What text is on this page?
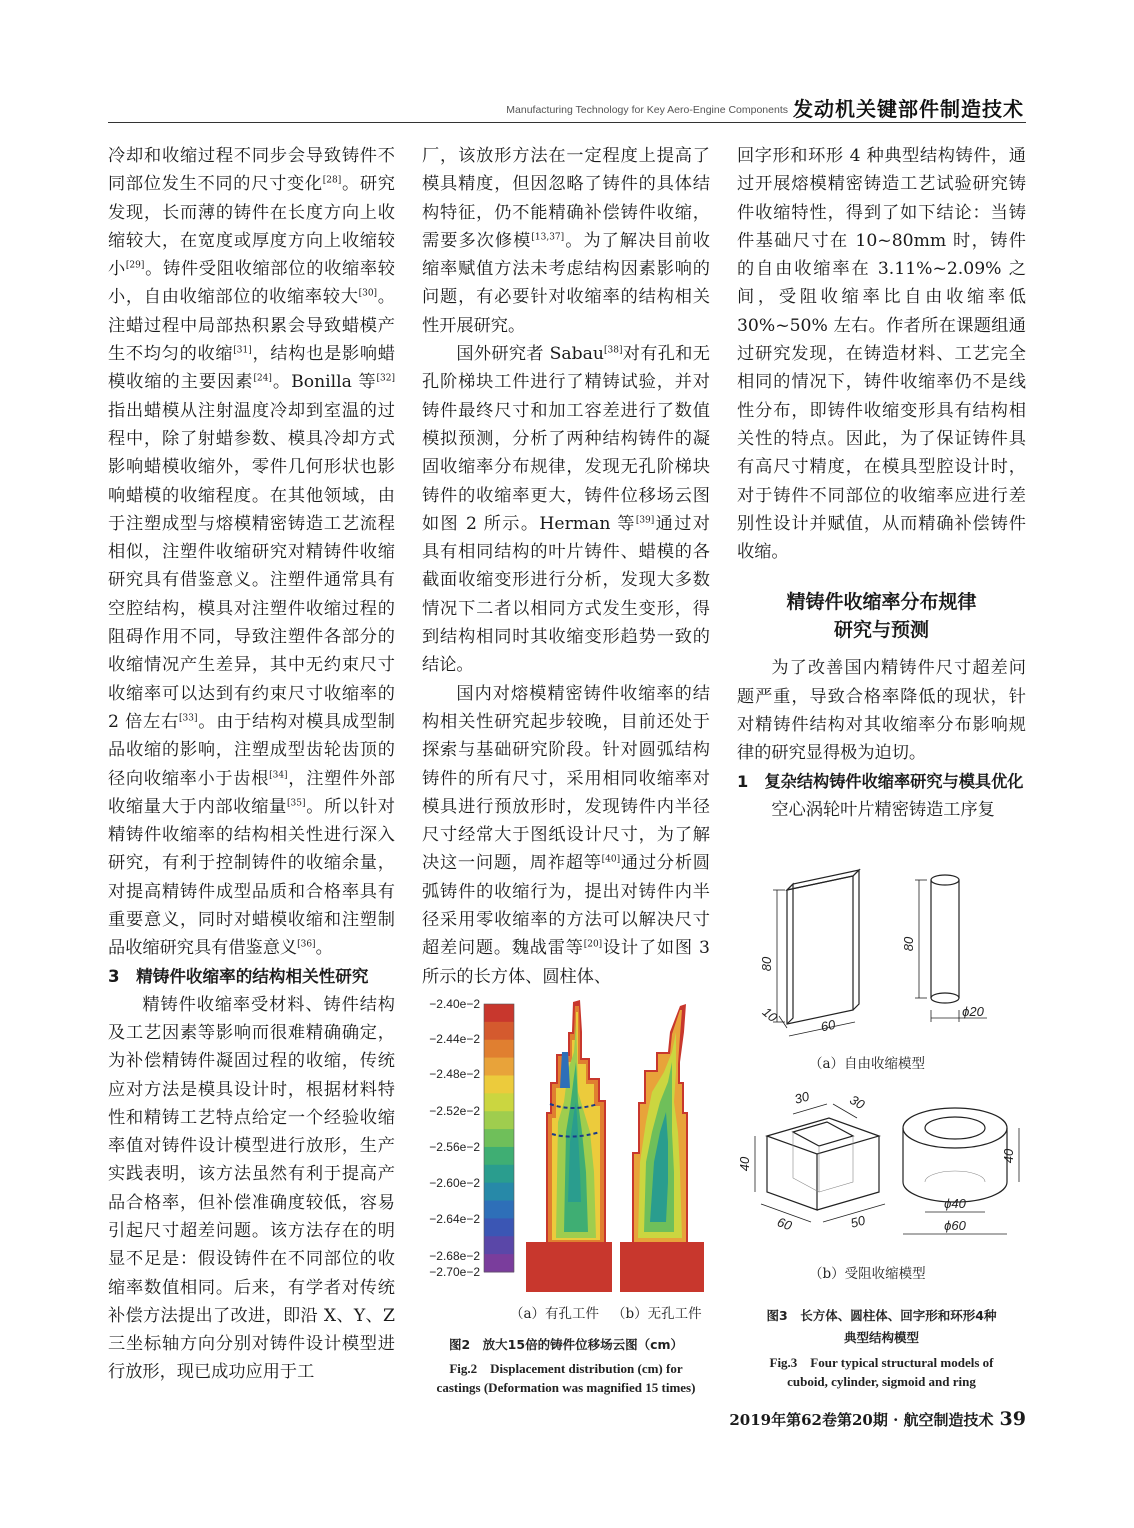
Manufacturing Technology for Key Aero-Engine Components 发动机关键部件制造技术

冷却和收缩过程不同步会导致铸件不同部位发生不同的尺寸变化[28]。研究发现，长而薄的铸件在长度方向上收缩较大，在宽度或厚度方向上收缩较小[29]。铸件受阻收缩部位的收缩率较小，自由收缩部位的收缩率较大[30]。注蜡过程中局部热积累会导致蜡模产生不均匀的收缩[31]，结构也是影响蜡模收缩的主要因素[24]。Bonilla 等[32]指出蜡模从注射温度冷却到室温的过程中，除了射蜡参数、模具冷却方式影响蜡模收缩外，零件几何形状也影响蜡模的收缩程度。在其他领域，由于注塑成型与熔模精密铸造工艺流程相似，注塑件收缩研究对精铸件收缩研究具有借鉴意义。注塑件通常具有空腔结构，模具对注塑件收缩过程的阻碍作用不同，导致注塑件各部分的收缩情况产生差异，其中无约束尺寸收缩率可以达到有约束尺寸收缩率的 2 倍左右[33]。由于结构对模具成型制品收缩的影响，注塑成型齿轮齿顶的径向收缩率小于齿根[34]，注塑件外部收缩量大于内部收缩量[35]。所以针对精铸件收缩率的结构相关性进行深入研究，有利于控制铸件的收缩余量，对提高精铸件成型品质和合格率具有重要意义，同时对蜡模收缩和注塑制品收缩研究具有借鉴意义[36]。

3　精铸件收缩率的结构相关性研究

精铸件收缩率受材料、铸件结构及工艺因素等影响而很难精确确定，为补偿精铸件凝固过程的收缩，传统应对方法是模具设计时，根据材料特性和精铸工艺特点给定一个经验收缩率值对铸件设计模型进行放形，生产实践表明，该方法虽然有利于提高产品合格率，但补偿准确度较低，容易引起尺寸超差问题。该方法存在的明显不足是：假设铸件在不同部位的收缩率数值相同。后来，有学者对传统补偿方法提出了改进，即沿 X、Y、Z 三坐标轴方向分别对铸件设计模型进行放形，现已成功应用于工

厂，该放形方法在一定程度上提高了模具精度，但因忽略了铸件的具体结构特征，仍不能精确补偿铸件收缩，需要多次修模[13,37]。为了解决目前收缩率赋值方法未考虑结构因素影响的问题，有必要针对收缩率的结构相关性开展研究。

国外研究者 Sabau[38]对有孔和无孔阶梯块工件进行了精铸试验，并对铸件最终尺寸和加工容差进行了数值模拟预测，分析了两种结构铸件的凝固收缩率分布规律，发现无孔阶梯块铸件的收缩率更大，铸件位移场云图如图 2 所示。Herman 等[39]通过对具有相同结构的叶片铸件、蜡模的各截面收缩变形进行分析，发现大多数情况下二者以相同方式发生变形，得到结构相同时其收缩变形趋势一致的结论。

国内对熔模精密铸件收缩率的结构相关性研究起步较晚，目前还处于探索与基础研究阶段。针对圆弧结构铸件的所有尺寸，采用相同收缩率对模具进行预放形时，发现铸件内半径尺寸经常大于图纸设计尺寸，为了解决这一问题，周祚超等[40]通过分析圆弧铸件的收缩行为，提出对铸件内半径采用零收缩率的方法可以解决尺寸超差问题。魏战雷等[20]设计了如图 3 所示的长方体、圆柱体、

回字形和环形 4 种典型结构铸件，通过开展熔模精密铸造工艺试验研究铸件收缩特性，得到了如下结论：当铸件基础尺寸在 10~80mm 时，铸件的自由收缩率在 3.11%~2.09% 之间，受阻收缩率比自由收缩率低 30%~50% 左右。作者所在课题组通过研究发现，在铸造材料、工艺完全相同的情况下，铸件收缩率仍不是线性分布，即铸件收缩变形具有结构相关性的特点。因此，为了保证铸件具有高尺寸精度，在模具型腔设计时，对于铸件不同部位的收缩率应进行差别性设计并赋值，从而精确补偿铸件收缩。

精铸件收缩率分布规律
研究与预测

为了改善国内精铸件尺寸超差问题严重，导致合格率降低的现状，针对精铸件结构对其收缩率分布影响规律的研究显得极为迫切。

1　复杂结构铸件收缩率研究与模具优化

空心涡轮叶片精密铸造工序复

−2.40e−2
−2.44e−2
−2.48e−2
−2.52e−2
−2.56e−2
−2.60e−2
−2.64e−2
−2.68e−2
−2.70e−2
（a）有孔工件 （b）无孔工件
图2　放大15倍的铸件位移场云图（cm）
Fig.2　Displacement distribution (cm) for
castings (Deformation was magnified 15 times)
80
60
10
80
ϕ20
30	30
40
60	50
40
ϕ40
ϕ60
（a）自由收缩模型
（b）受阻收缩模型
图3　长方体、圆柱体、回字形和环形4种
典型结构模型
Fig.3　Four typical structural models of
cuboid, cylinder, sigmoid and ring
2019年第62卷第20期 · 航空制造技术 39
